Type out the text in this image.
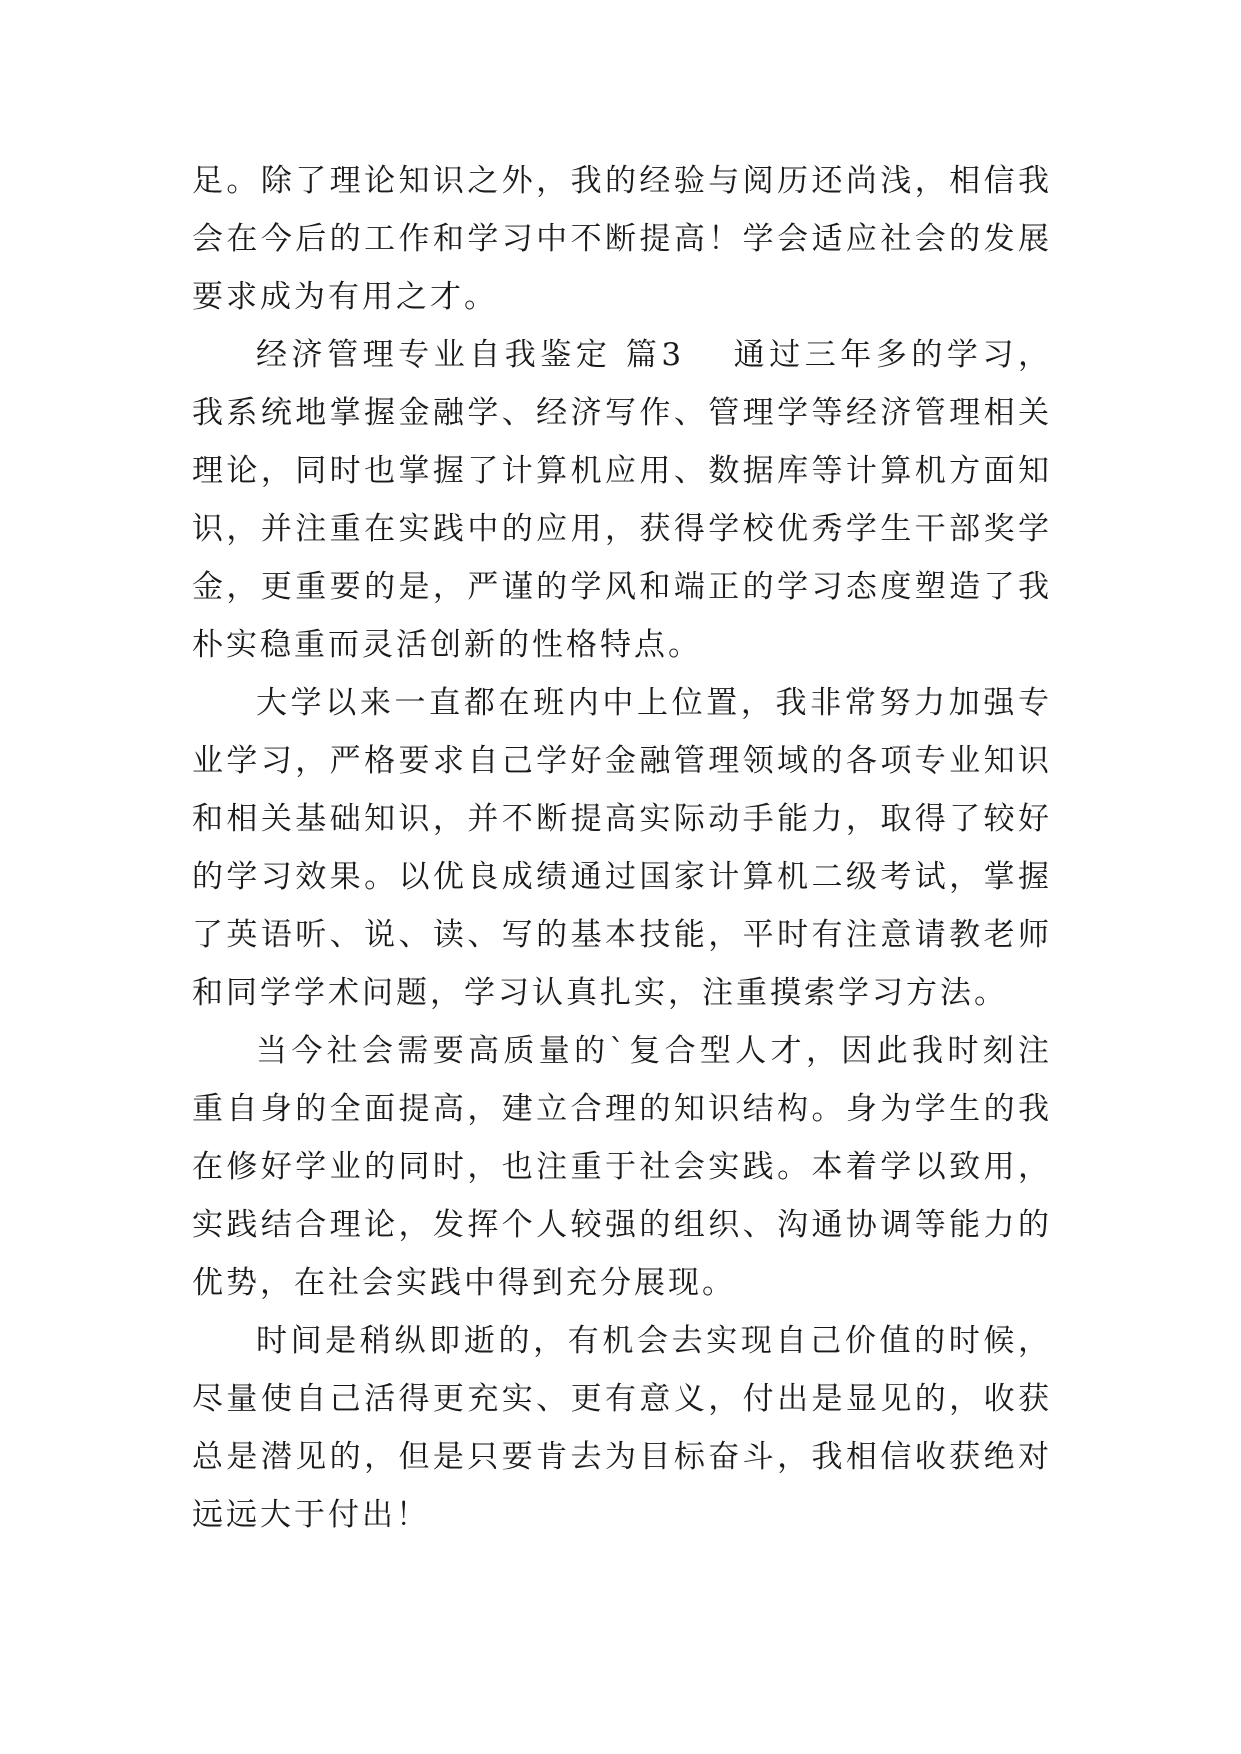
足。除了理论知识之外，我的经验与阅历还尚浅，相信我会在今后的工作和学习中不断提高！学会适应社会的发展要求成为有用之才。

经济管理专业自我鉴定 篇3 通过三年多的学习，我系统地掌握金融学、经济写作、管理学等经济管理相关理论，同时也掌握了计算机应用、数据库等计算机方面知识，并注重在实践中的应用，获得学校优秀学生干部奖学金，更重要的是，严谨的学风和端正的学习态度塑造了我朴实稳重而灵活创新的性格特点。

大学以来一直都在班内中上位置，我非常努力加强专业学习，严格要求自己学好金融管理领域的各项专业知识和相关基础知识，并不断提高实际动手能力，取得了较好的学习效果。以优良成绩通过国家计算机二级考试，掌握了英语听、说、读、写的基本技能，平时有注意请教老师和同学学术问题，学习认真扎实，注重摸索学习方法。

当今社会需要高质量的`复合型人才，因此我时刻注重自身的全面提高，建立合理的知识结构。身为学生的我在修好学业的同时，也注重于社会实践。本着学以致用，实践结合理论，发挥个人较强的组织、沟通协调等能力的优势，在社会实践中得到充分展现。

时间是稍纵即逝的，有机会去实现自己价值的时候，尽量使自己活得更充实、更有意义，付出是显见的，收获总是潜见的，但是只要肯去为目标奋斗，我相信收获绝对远远大于付出！
